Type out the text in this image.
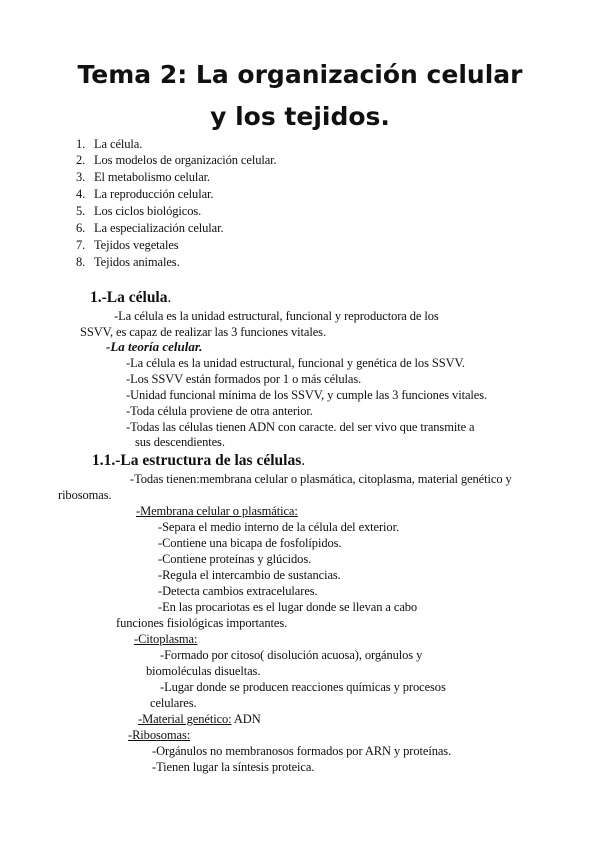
Tema 2: La organización celular
y los tejidos.
1. La célula.
2. Los modelos de organización celular.
3. El metabolismo celular.
4. La reproducción celular.
5. Los ciclos biológicos.
6. La especialización celular.
7. Tejidos vegetales
8. Tejidos animales.
1.-La célula.
-La célula es la unidad estructural, funcional y reproductora de los
SSVV, es capaz de realizar las 3 funciones vitales.
-La teoría celular.
-La célula es la unidad estructural, funcional y genética de los SSVV.
-Los SSVV están formados por 1 o más células.
-Unidad funcional mínima de los SSVV, y cumple las 3 funciones vitales.
-Toda célula proviene de otra anterior.
-Todas las células tienen ADN con caracte. del ser vivo que transmite a
sus descendientes.
1.1.-La estructura de las células.
-Todas tienen:membrana celular o plasmática, citoplasma, material genético y
ribosomas.
-Membrana celular o plasmática:
-Separa el medio interno de la célula del exterior.
-Contiene una bicapa de fosfolípidos.
-Contiene proteínas y glúcidos.
-Regula el intercambio de sustancias.
-Detecta cambios extracelulares.
-En las procariotas es el lugar donde se llevan a cabo
funciones fisiológicas importantes.
-Citoplasma:
-Formado por citoso( disolución acuosa), orgánulos y
biomoléculas disueltas.
-Lugar donde se producen reacciones químicas y procesos
celulares.
-Material genético: ADN
-Ribosomas:
-Orgánulos no membranosos formados por ARN y proteínas.
-Tienen lugar la síntesis proteica.
